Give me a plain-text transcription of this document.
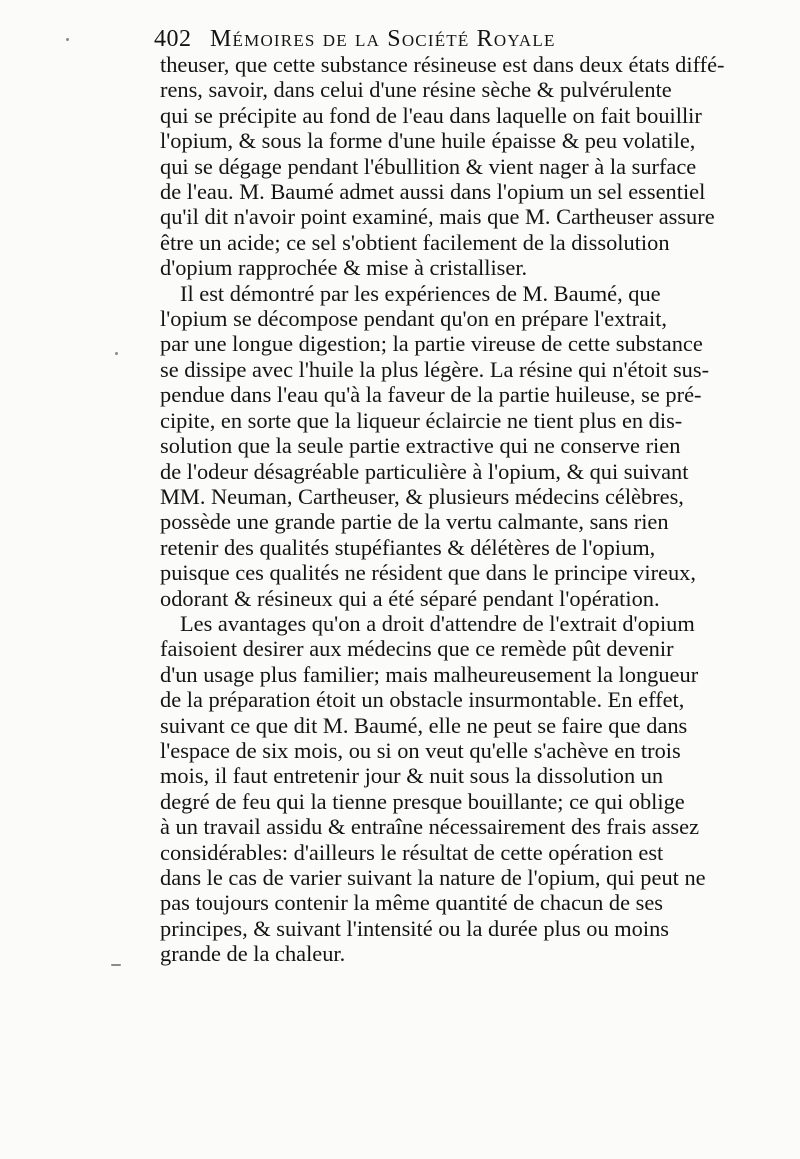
402 Mémoires de la Société Royale

theuser, que cette substance résineuse est dans deux états diffé-
rens, savoir, dans celui d'une résine sèche & pulvérulente
qui se précipite au fond de l'eau dans laquelle on fait bouillir
l'opium, & sous la forme d'une huile épaisse & peu volatile,
qui se dégage pendant l'ébullition & vient nager à la surface
de l'eau. M. Baumé admet aussi dans l'opium un sel essentiel
qu'il dit n'avoir point examiné, mais que M. Cartheuser assure
être un acide; ce sel s'obtient facilement de la dissolution
d'opium rapprochée & mise à cristalliser.

Il est démontré par les expériences de M. Baumé, que
l'opium se décompose pendant qu'on en prépare l'extrait,
par une longue digestion; la partie vireuse de cette substance
se dissipe avec l'huile la plus légère. La résine qui n'étoit sus-
pendue dans l'eau qu'à la faveur de la partie huileuse, se pré-
cipite, en sorte que la liqueur éclaircie ne tient plus en dis-
solution que la seule partie extractive qui ne conserve rien
de l'odeur désagréable particulière à l'opium, & qui suivant
MM. Neuman, Cartheuser, & plusieurs médecins célèbres,
possède une grande partie de la vertu calmante, sans rien
retenir des qualités stupéfiantes & délétères de l'opium,
puisque ces qualités ne résident que dans le principe vireux,
odorant & résineux qui a été séparé pendant l'opération.

Les avantages qu'on a droit d'attendre de l'extrait d'opium
faisoient desirer aux médecins que ce remède pût devenir
d'un usage plus familier; mais malheureusement la longueur
de la préparation étoit un obstacle insurmontable. En effet,
suivant ce que dit M. Baumé, elle ne peut se faire que dans
l'espace de six mois, ou si on veut qu'elle s'achève en trois
mois, il faut entretenir jour & nuit sous la dissolution un
degré de feu qui la tienne presque bouillante; ce qui oblige
à un travail assidu & entraîne nécessairement des frais assez
considérables: d'ailleurs le résultat de cette opération est
dans le cas de varier suivant la nature de l'opium, qui peut ne
pas toujours contenir la même quantité de chacun de ses
principes, & suivant l'intensité ou la durée plus ou moins
grande de la chaleur.
